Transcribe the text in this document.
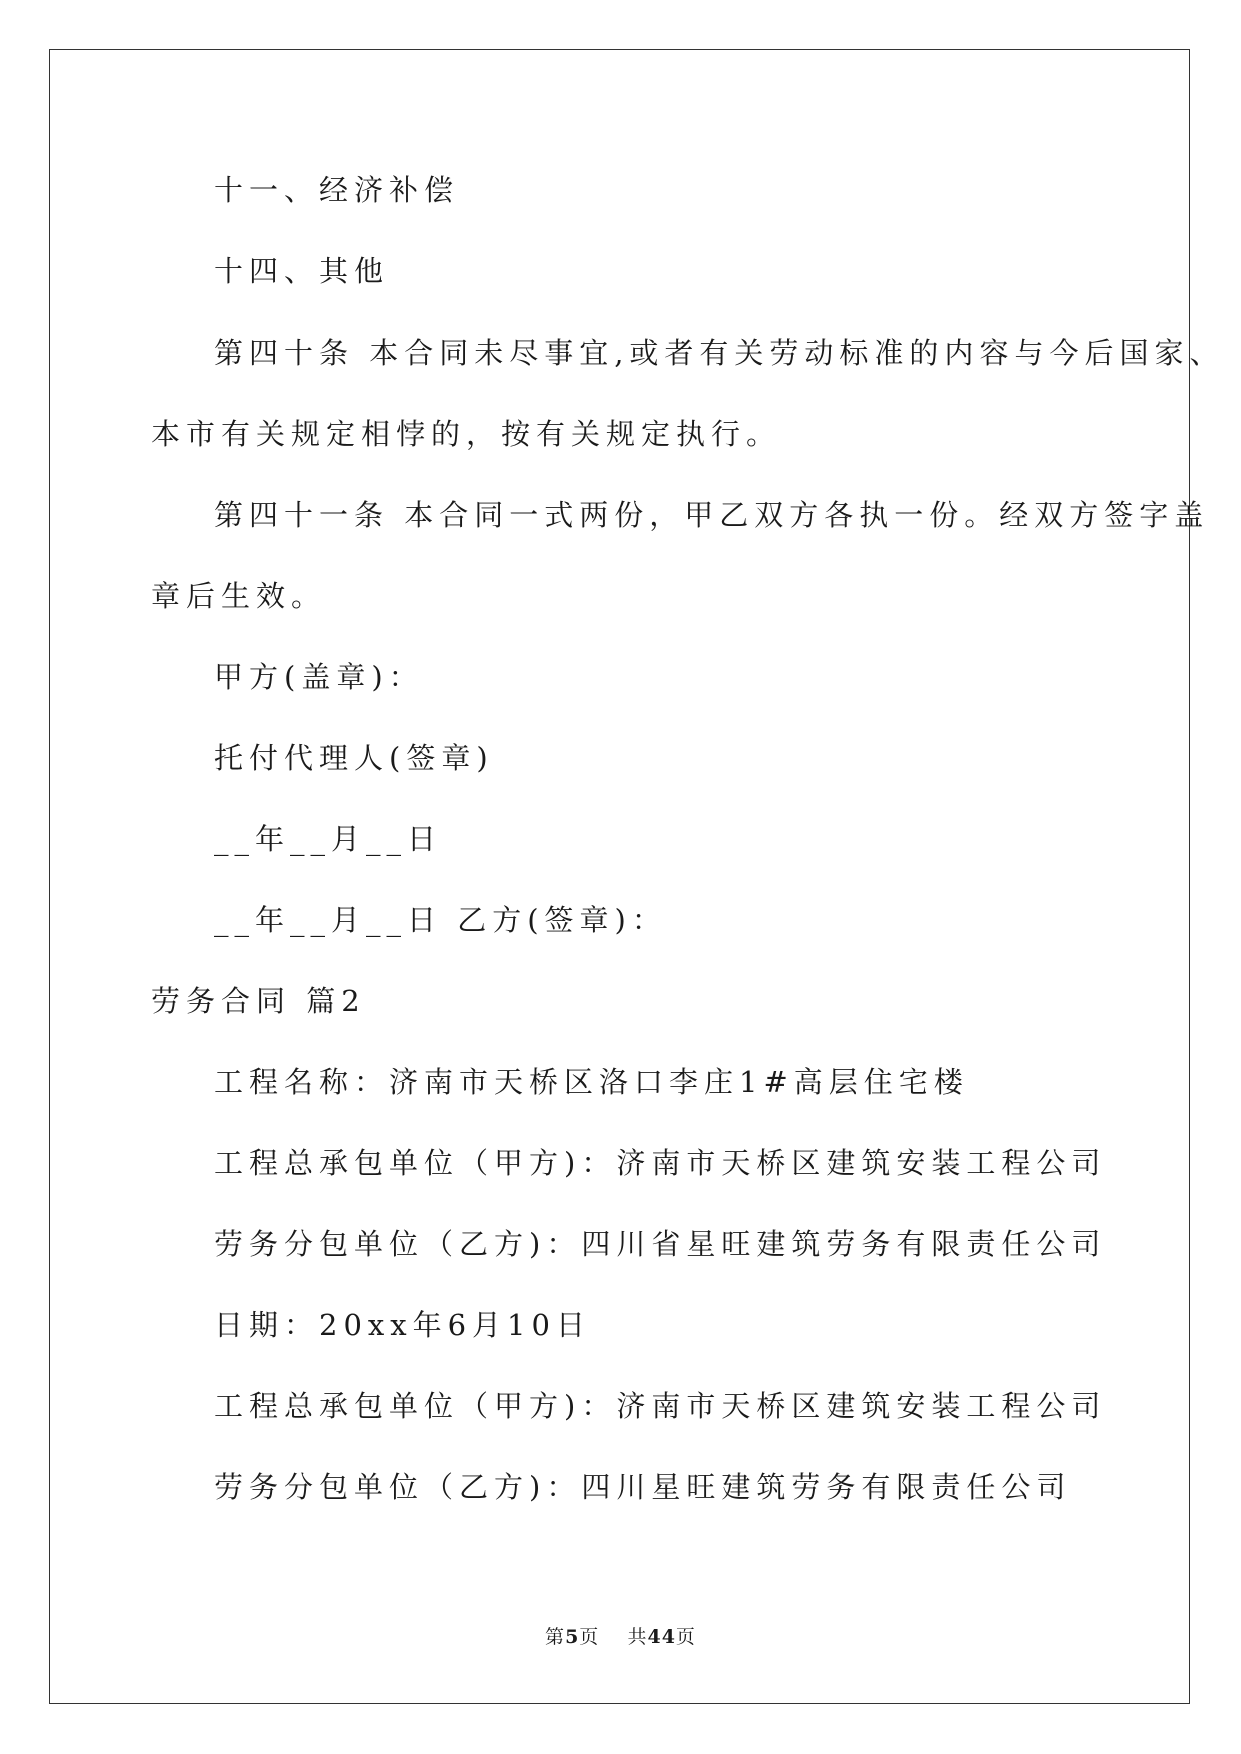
十一、经济补偿
十四、其他
第四十条 本合同未尽事宜,或者有关劳动标准的内容与今后国家、
本市有关规定相悖的，按有关规定执行。
第四十一条 本合同一式两份，甲乙双方各执一份。经双方签字盖
章后生效。
甲方(盖章)：
托付代理人(签章)
__年__月__日
__年__月__日 乙方(签章)：
劳务合同 篇2
工程名称：济南市天桥区洛口李庄1#高层住宅楼
工程总承包单位（甲方)：济南市天桥区建筑安装工程公司
劳务分包单位（乙方)：四川省星旺建筑劳务有限责任公司
日期：20xx年6月10日
工程总承包单位（甲方)：济南市天桥区建筑安装工程公司
劳务分包单位（乙方)：四川星旺建筑劳务有限责任公司
第5页    共44页
